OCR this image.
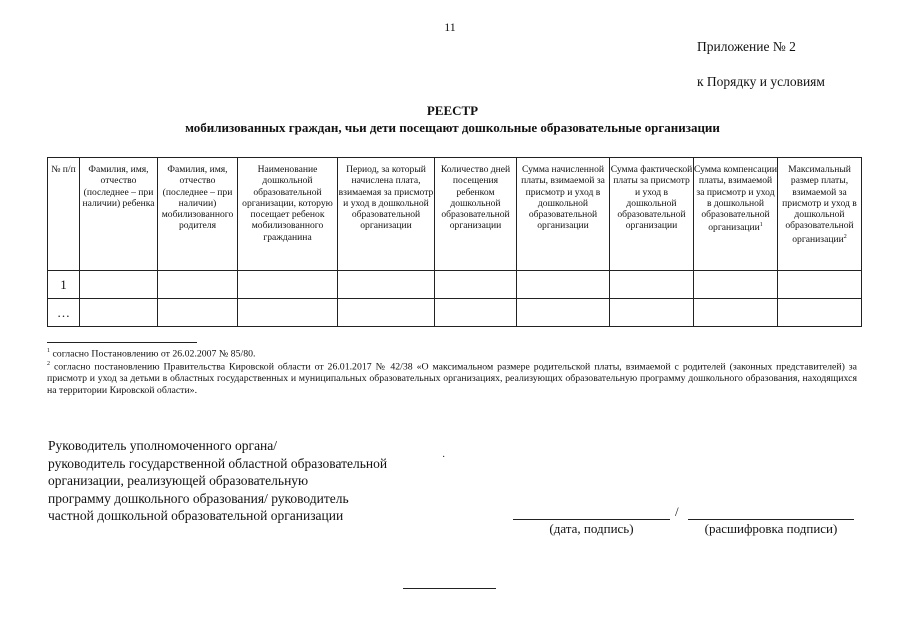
11
Приложение № 2
к Порядку и условиям
РЕЕСТР
мобилизованных граждан, чьи дети посещают дошкольные образовательные организации
№ п/п	Фамилия, имя, отчество (последнее – при наличии) ребенка	Фамилия, имя, отчество (последнее – при наличии) мобилизованного родителя	Наименование дошкольной образовательной организации, которую посещает ребенок мобилизованного гражданина	Период, за который начислена плата, взимаемая за присмотр и уход в дошкольной образовательной организации	Количество дней посещения ребенком дошкольной образовательной организации	Сумма начисленной платы, взимаемой за присмотр и уход в дошкольной образовательной организации	Сумма фактической платы за присмотр и уход в дошкольной образовательной организации	Сумма компенсации платы, взимаемой за присмотр и уход в дошкольной образовательной организации$^1$	Максимальный размер платы, взимаемой за присмотр и уход в дошкольной образовательной организации$^2$
1									
…									
$^1$ согласно Постановлению от 26.02.2007 № 85/80.
$^2$ согласно постановлению Правительства Кировской области от 26.01.2017 № 42/38 «О максимальном размере родительской платы, взимаемой с родителей (законных представителей) за присмотр и уход за детьми в областных государственных и муниципальных образовательных организациях, реализующих образовательную программу дошкольного образования, находящихся на территории Кировской области».
Руководитель уполномоченного органа/
руководитель государственной областной образовательной
организации, реализующей образовательную
программу дошкольного образования/ руководитель
частной дошкольной образовательной организации
·
/
(дата, подпись)	(расшифровка подписи)
